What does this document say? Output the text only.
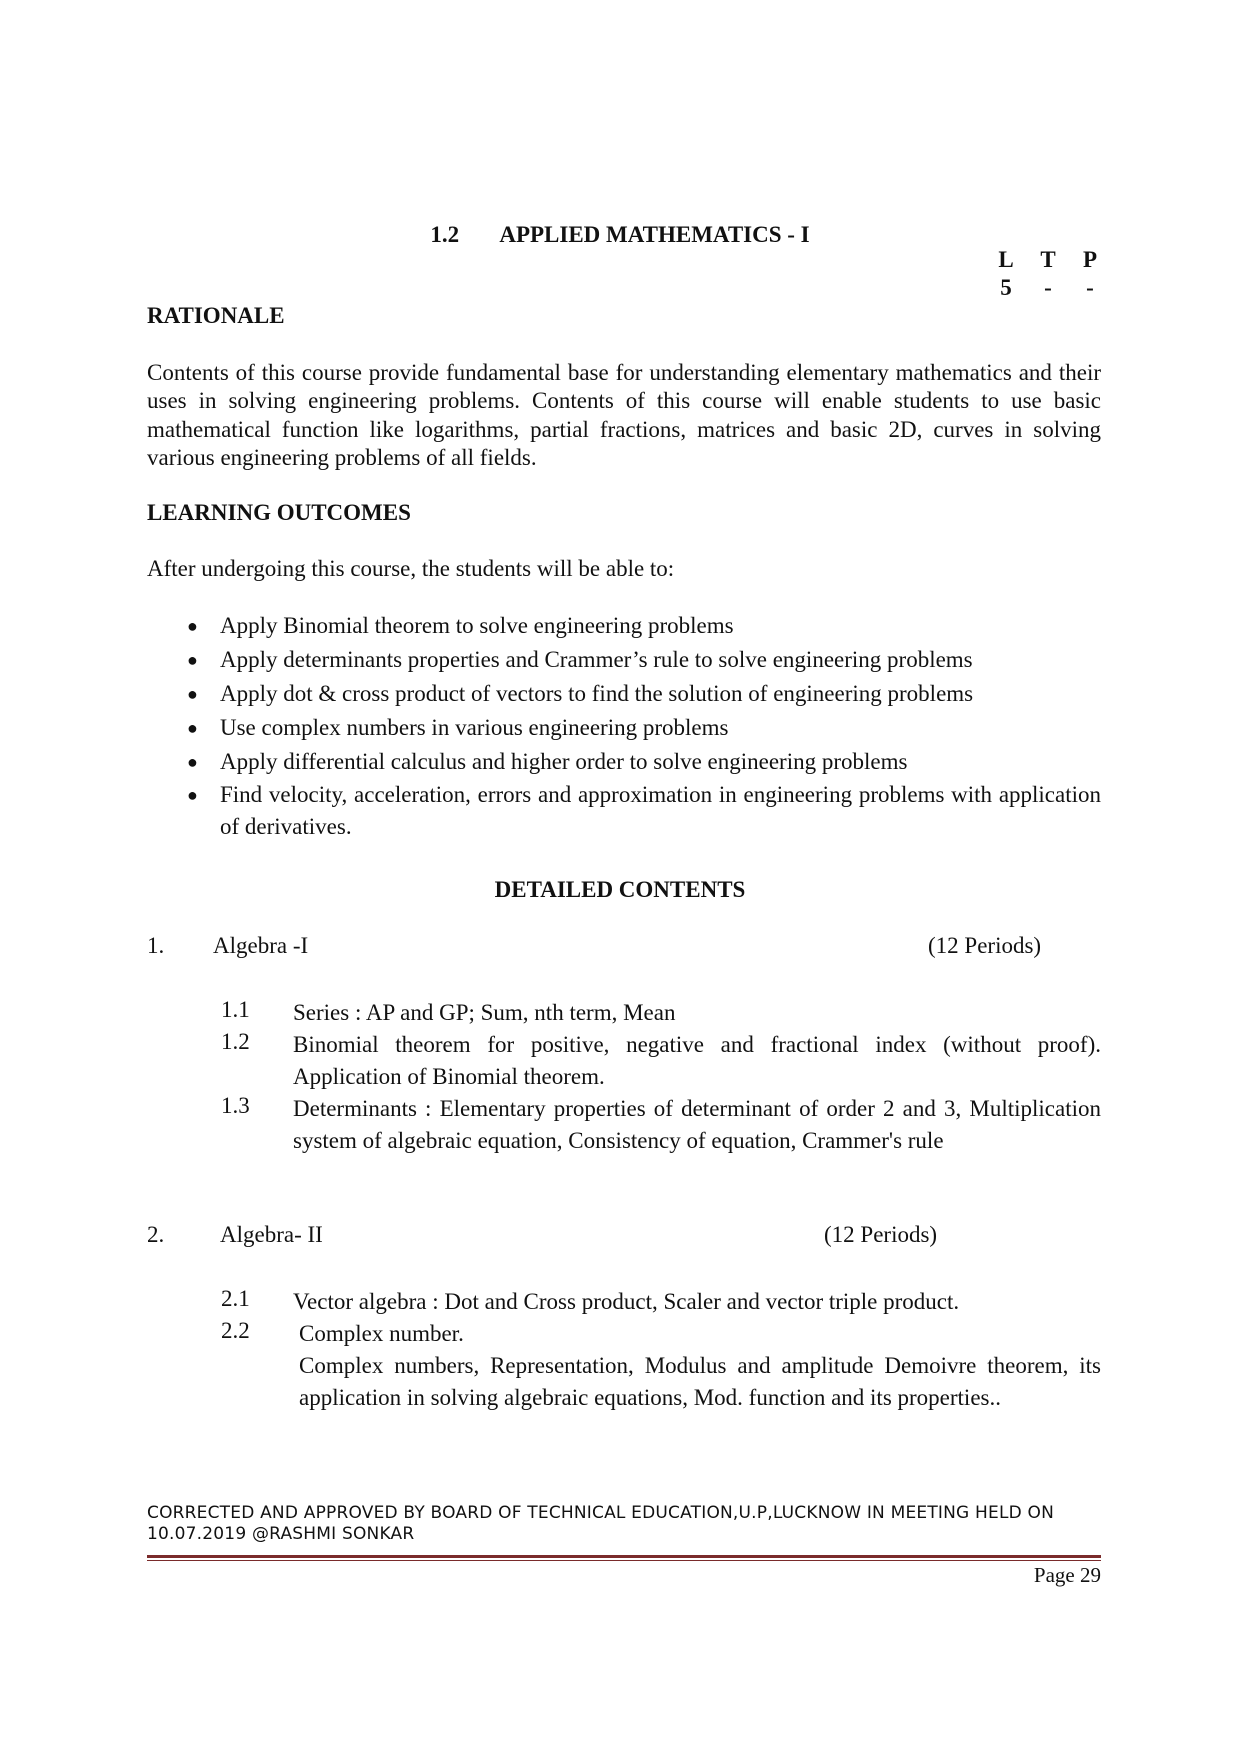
1.2 APPLIED MATHEMATICS - I
L T P
5 - -
RATIONALE
Contents of this course provide fundamental base for understanding elementary mathematics and their uses in solving engineering problems. Contents of this course will enable students to use basic mathematical function like logarithms, partial fractions, matrices and basic 2D, curves in solving various engineering problems of all fields.
LEARNING OUTCOMES
After undergoing this course, the students will be able to:
● Apply Binomial theorem to solve engineering problems
● Apply determinants properties and Crammer’s rule to solve engineering problems
● Apply dot & cross product of vectors to find the solution of engineering problems
● Use complex numbers in various engineering problems
● Apply differential calculus and higher order to solve engineering problems
● Find velocity, acceleration, errors and approximation in engineering problems with application of derivatives.
DETAILED CONTENTS
1. Algebra -I	(12 Periods)
1.1 Series : AP and GP; Sum, nth term, Mean
1.2 Binomial theorem for positive, negative and fractional index (without proof). Application of Binomial theorem.
1.3 Determinants : Elementary properties of determinant of order 2 and 3, Multiplication system of algebraic equation, Consistency of equation, Crammer's rule
2. Algebra- II	(12 Periods)
2.1 Vector algebra : Dot and Cross product, Scaler and vector triple product.
2.2 Complex number.
Complex numbers, Representation, Modulus and amplitude Demoivre theorem, its application in solving algebraic equations, Mod. function and its properties..
CORRECTED AND APPROVED BY BOARD OF TECHNICAL EDUCATION,U.P,LUCKNOW IN MEETING HELD ON
10.07.2019 @RASHMI SONKAR
Page 29
